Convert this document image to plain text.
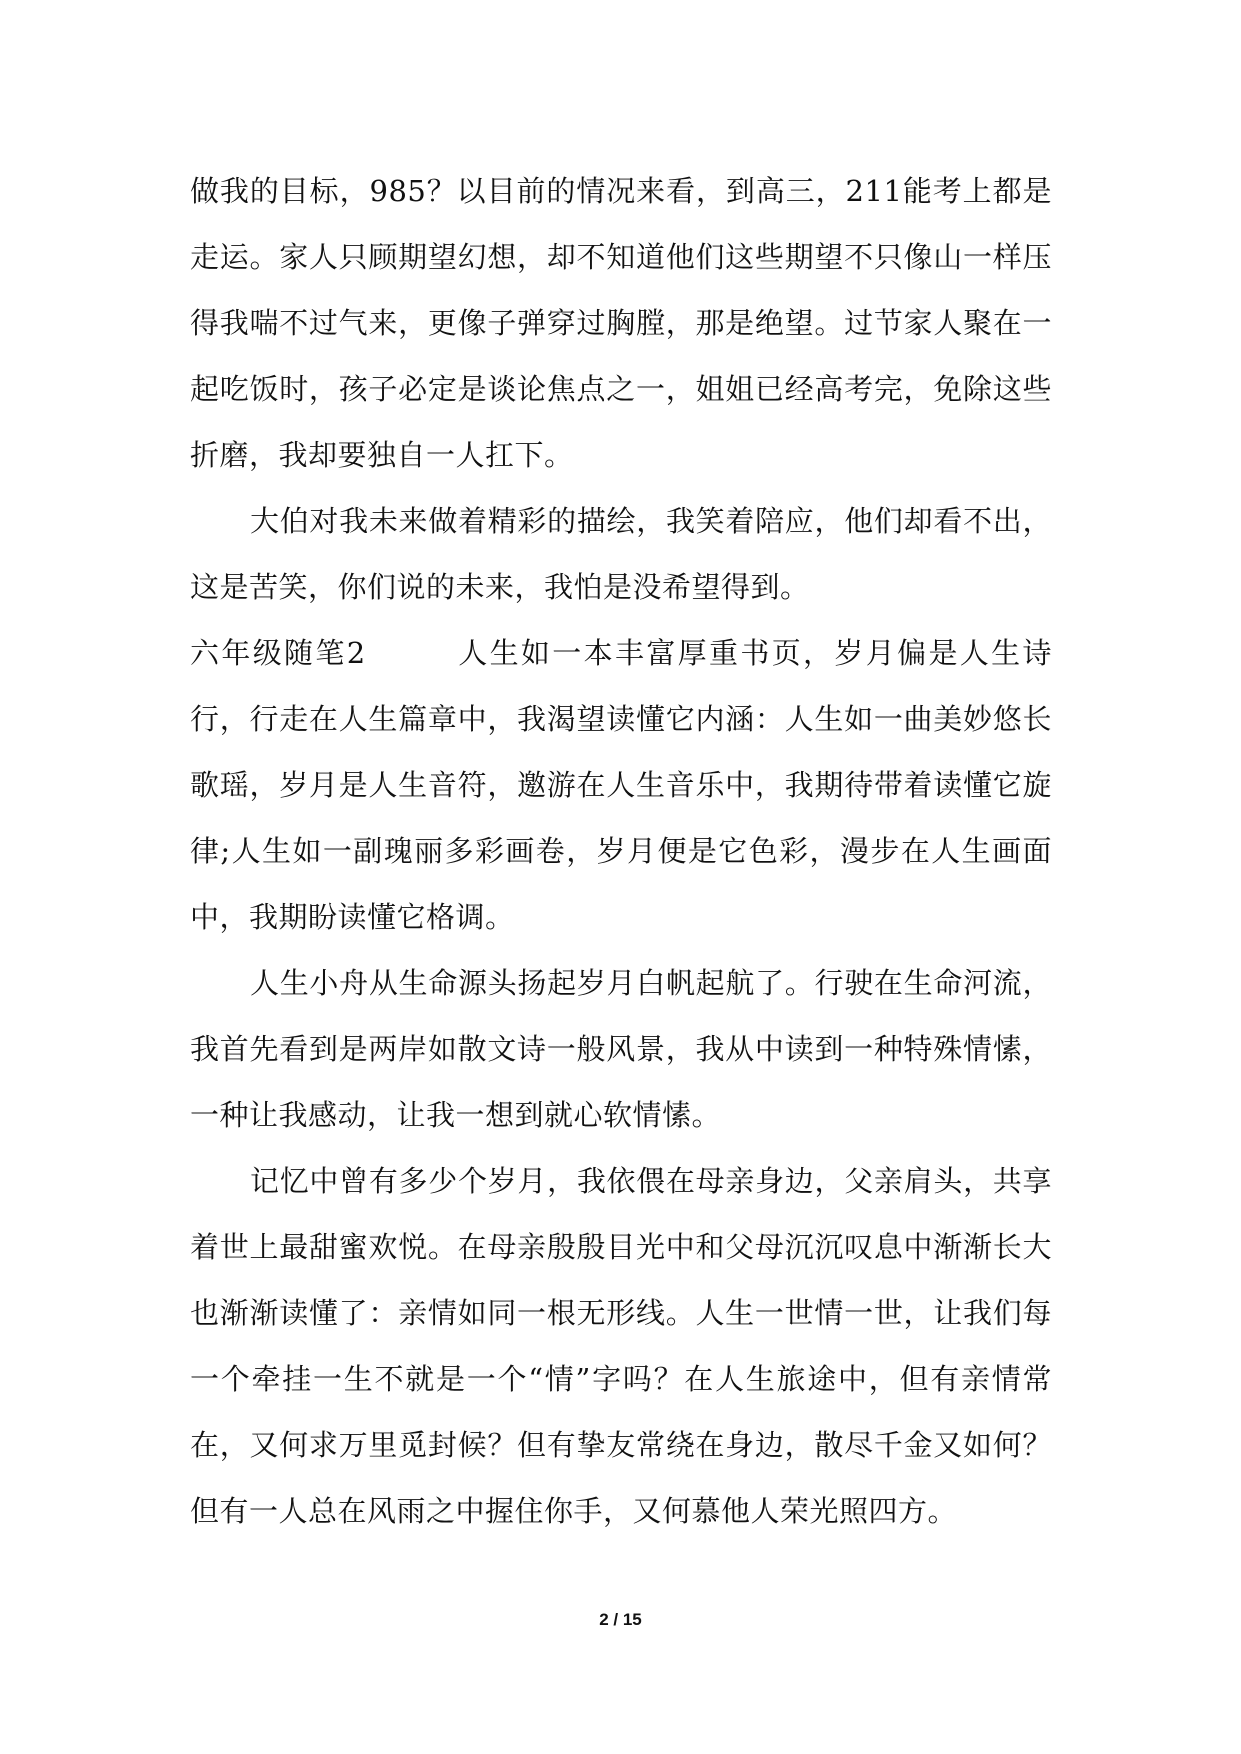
做我的目标，985？以目前的情况来看，到高三，211能考上都是走运。家人只顾期望幻想，却不知道他们这些期望不只像山一样压得我喘不过气来，更像子弹穿过胸膛，那是绝望。过节家人聚在一起吃饭时，孩子必定是谈论焦点之一，姐姐已经高考完，免除这些折磨，我却要独自一人扛下。

大伯对我未来做着精彩的描绘，我笑着陪应，他们却看不出，这是苦笑，你们说的未来，我怕是没希望得到。

六年级随笔2	人生如一本丰富厚重书页，岁月偏是人生诗行，行走在人生篇章中，我渴望读懂它内涵：人生如一曲美妙悠长歌瑶，岁月是人生音符，邀游在人生音乐中，我期待带着读懂它旋律;人生如一副瑰丽多彩画卷，岁月便是它色彩，漫步在人生画面中，我期盼读懂它格调。

人生小舟从生命源头扬起岁月白帆起航了。行驶在生命河流，我首先看到是两岸如散文诗一般风景，我从中读到一种特殊情愫，一种让我感动，让我一想到就心软情愫。

记忆中曾有多少个岁月，我依偎在母亲身边，父亲肩头，共享着世上最甜蜜欢悦。在母亲殷殷目光中和父母沉沉叹息中渐渐长大也渐渐读懂了：亲情如同一根无形线。人生一世情一世，让我们每一个牵挂一生不就是一个“情”字吗？在人生旅途中，但有亲情常在，又何求万里觅封候？但有挚友常绕在身边，散尽千金又如何？但有一人总在风雨之中握住你手，又何慕他人荣光照四方。

2 / 15
